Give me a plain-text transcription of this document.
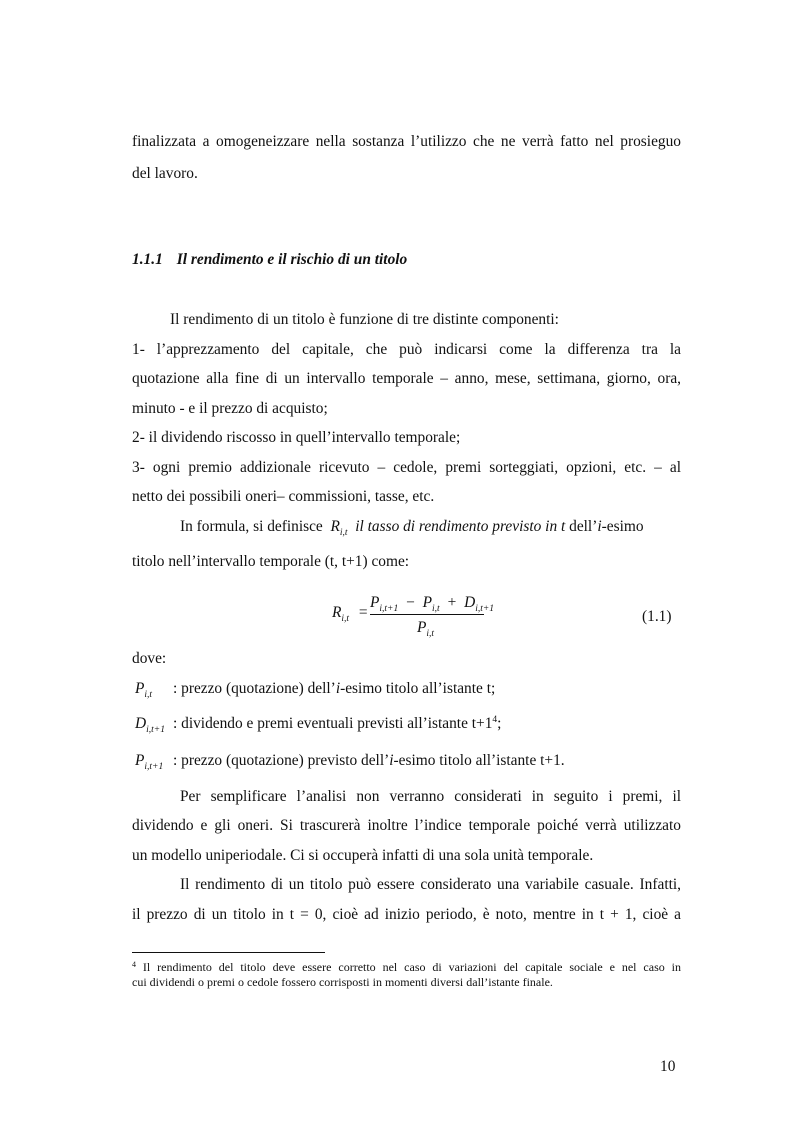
finalizzata a omogeneizzare nella sostanza l’utilizzo che ne verrà fatto nel prosieguo
del lavoro.
1.1.1 Il rendimento e il rischio di un titolo
Il rendimento di un titolo è funzione di tre distinte componenti:
1- l’apprezzamento del capitale, che può indicarsi come la differenza tra la
quotazione alla fine di un intervallo temporale – anno, mese, settimana, giorno, ora,
minuto - e il prezzo di acquisto;
2- il dividendo riscosso in quell’intervallo temporale;
3- ogni premio addizionale ricevuto – cedole, premi sorteggiati, opzioni, etc. – al
netto dei possibili oneri– commissioni, tasse, etc.
In formula, si definisce $R_{i,t}$ il tasso di rendimento previsto in t dell’i-esimo
titolo nell’intervallo temporale (t, t+1) come:
$R_{i,t}$ =
$P_{i,t+1} - P_{i,t} + D_{i,t+1}$
$P_{i,t}$
(1.1)
dove:
$P_{i,t}$ : prezzo (quotazione) dell’i-esimo titolo all’istante t;
$D_{i,t+1}$ : dividendo e premi eventuali previsti all’istante $t+1^4$;
$P_{i,t+1}$ : prezzo (quotazione) previsto dell’i-esimo titolo all’istante t+1.
Per semplificare l’analisi non verranno considerati in seguito i premi, il
dividendo e gli oneri. Si trascurerà inoltre l’indice temporale poiché verrà utilizzato
un modello uniperiodale. Ci si occuperà infatti di una sola unità temporale.
Il rendimento di un titolo può essere considerato una variabile casuale. Infatti,
il prezzo di un titolo in t = 0, cioè ad inizio periodo, è noto, mentre in t + 1, cioè a
$^4$ Il rendimento del titolo deve essere corretto nel caso di variazioni del capitale sociale e nel caso in
cui dividendi o premi o cedole fossero corrisposti in momenti diversi dall’istante finale.
10
